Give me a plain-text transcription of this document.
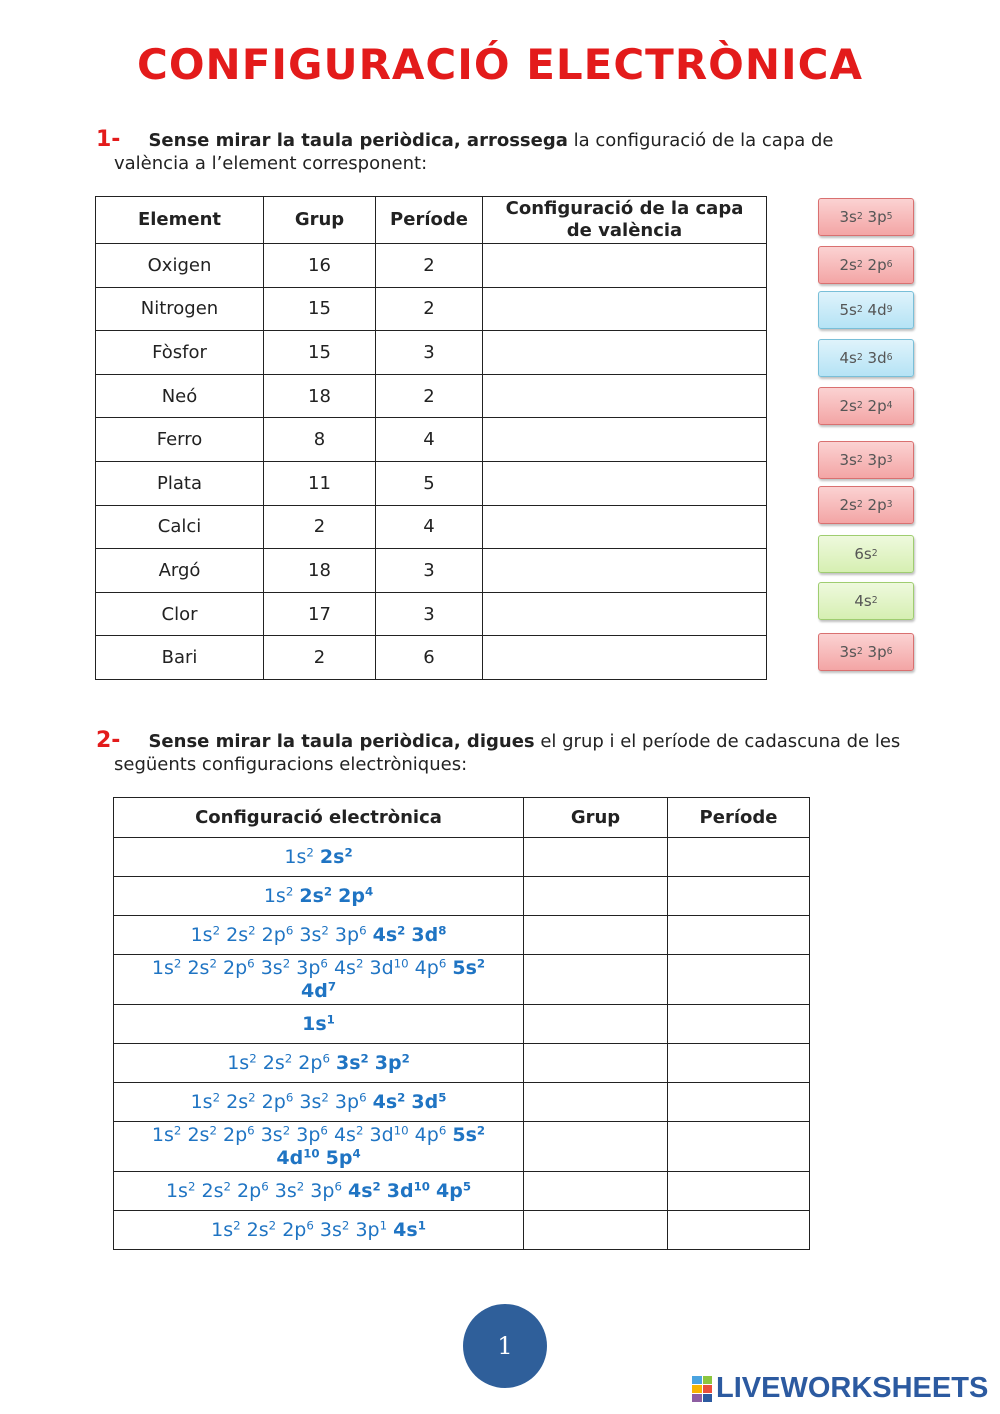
CONFIGURACIÓ ELECTRÒNICA
1- Sense mirar la taula periòdica, arrossega la configuració de la capa de
valència a l’element corresponent:
Element	Grup	Període	Configuració de la capa de valència
Oxigen	16	2	
Nitrogen	15	2	
Fòsfor	15	3	
Neó	18	2	
Ferro	8	4	
Plata	11	5	
Calci	2	4	
Argó	18	3	
Clor	17	3	
Bari	2	6	
3s 2
3p 5
2s 2
2p 6
5s 2
4d 9
4s 2
3d 6
2s 2
2p 4
3s 2
3p 3
2s 2
2p 3
6s 2
4s 2
3s 2
3p 6
2- Sense mirar la taula periòdica, digues el grup i el període de cadascuna de les
següents configuracions electròniques:
Configuració electrònica	Grup	Període

$1s^2$ $2s^2$

$1s^2$ $2s^2$ $2p^4$

$1s^2$ $2s^2$ $2p^6$ $3s^2$ $3p^6$ $4s^2$ $3d^8$

$1s^2$ $2s^2$ $2p^6$ $3s^2$ $3p^6$ $4s^2$ $3d^{10}$ $4p^6$ $5s^2$
$4d^7$

$1s^1$

$1s^2$ $2s^2$ $2p^6$ $3s^2$ $3p^2$

$1s^2$ $2s^2$ $2p^6$ $3s^2$ $3p^6$ $4s^2$ $3d^5$

$1s^2$ $2s^2$ $2p^6$ $3s^2$ $3p^6$ $4s^2$ $3d^{10}$ $4p^6$ $5s^2$
$4d^{10}$ $5p^4$

$1s^2$ $2s^2$ $2p^6$ $3s^2$ $3p^6$ $4s^2$ $3d^{10}$ $4p^5$

$1s^2$ $2s^2$ $2p^6$ $3s^2$ $3p^1$ $4s^1$

1
LIVEWORKSHEETS
